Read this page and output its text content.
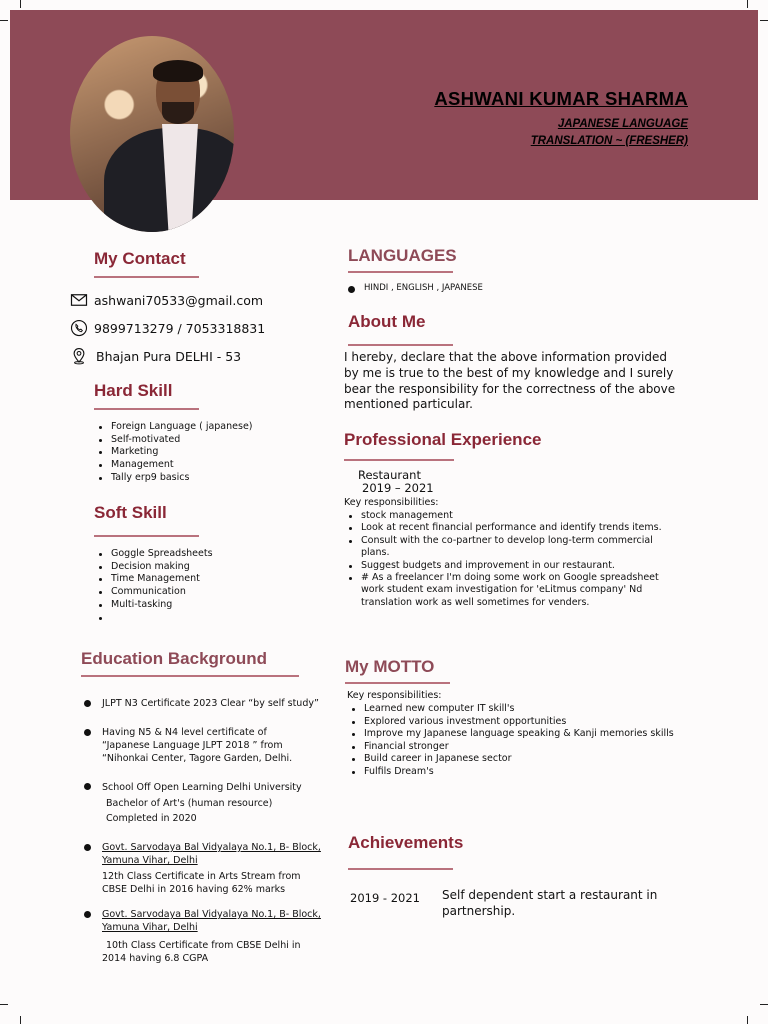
ASHWANI KUMAR SHARMA
JAPANESE LANGUAGE
TRANSLATION ~ (FRESHER)
My Contact
ashwani70533@gmail.com
9899713279 / 7053318831
Bhajan Pura DELHI - 53
Hard Skill
Foreign Language ( japanese)
Self-motivated
Marketing
Management
Tally erp9 basics
Soft Skill
Goggle Spreadsheets
Decision making
Time Management
Communication
Multi-tasking
Education Background
JLPT N3 Certificate 2023 Clear “by self study”
Having N5 & N4 level certificate of
“Japanese Language JLPT 2018 ” from
“Nihonkai Center, Tagore Garden, Delhi.
School Off Open Learning Delhi University
Bachelor of Art's (human resource)
Completed in 2020
Govt. Sarvodaya Bal Vidyalaya No.1, B- Block,
Yamuna Vihar, Delhi
12th Class Certificate in Arts Stream from
CBSE Delhi in 2016 having 62% marks
Govt. Sarvodaya Bal Vidyalaya No.1, B- Block,
Yamuna Vihar, Delhi
10th Class Certificate from CBSE Delhi in
2014 having 6.8 CGPA
LANGUAGES
HINDI , ENGLISH , JAPANESE
About Me
I hereby, declare that the above information provided by me is true to the best of my knowledge and I surely bear the responsibility for the correctness of the above mentioned particular.
Professional Experience
Restaurant
2019 – 2021
Key responsibilities:
stock management
Look at recent financial performance and identify trends items.
Consult with the co-partner to develop long-term commercial plans.
Suggest budgets and improvement in our restaurant.
# As a freelancer I'm doing some work on Google spreadsheet work student exam investigation for 'eLitmus company' Nd translation work as well sometimes for venders.
My MOTTO
Key responsibilities:
Learned new computer IT skill's
Explored various investment opportunities
Improve my Japanese language speaking & Kanji memories skills
Financial stronger
Build career in Japanese sector
Fulfils Dream's
Achievements
2019 - 2021 Self dependent start a restaurant in partnership.
